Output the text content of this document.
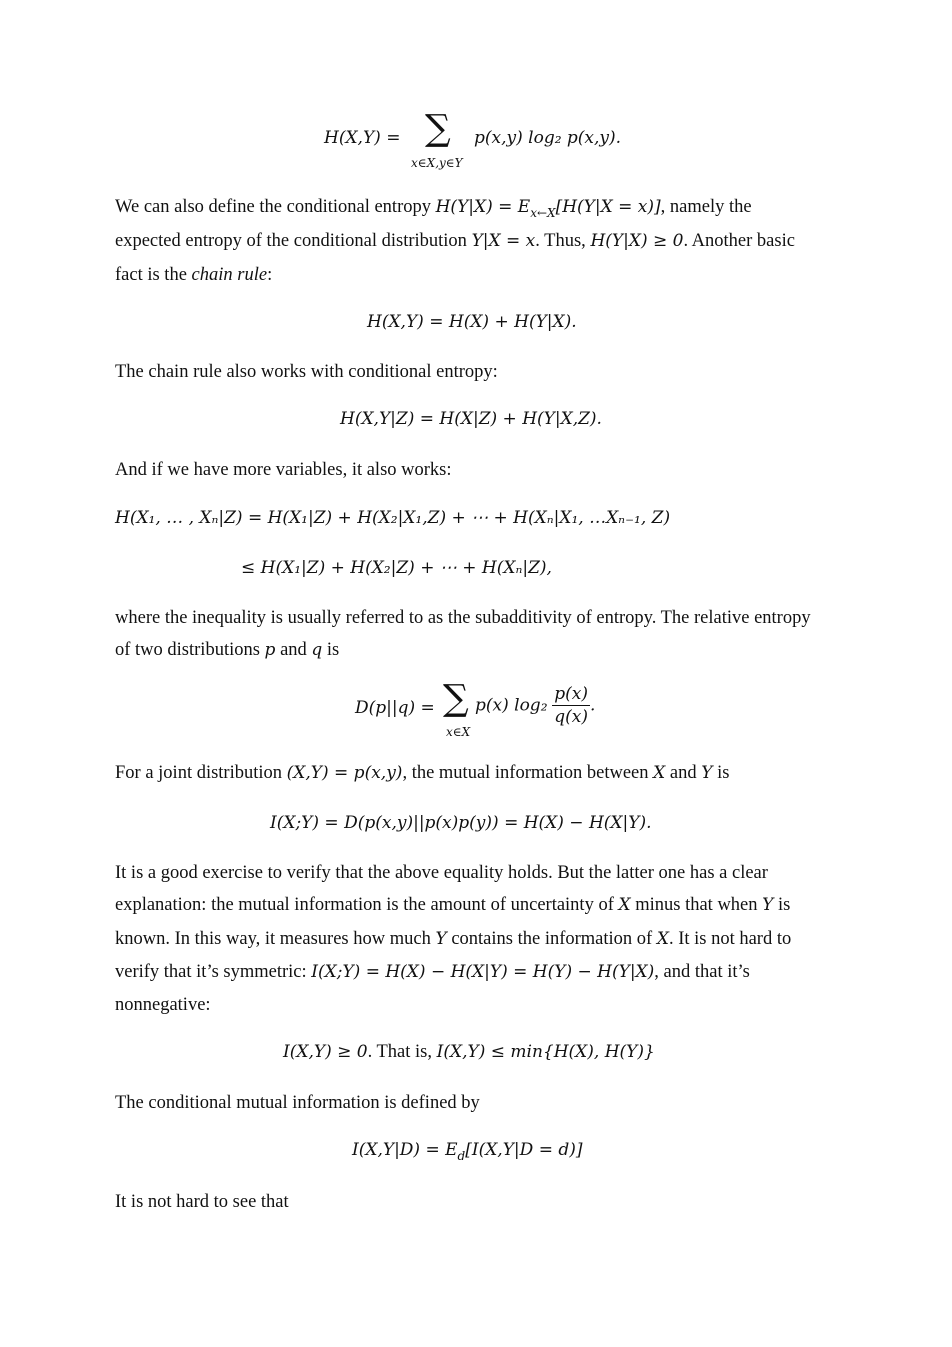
H(X,Y) = ∑
x∈X,y∈Y
p(x,y) log₂ p(x,y).
We can also define the conditional entropy $H(Y|X) = E_{x\leftarrow X}[H(Y|X = x)]$, namely the
expected entropy of the conditional distribution Y|X = x. Thus, H(Y|X) ≥ 0. Another basic
fact is the chain rule:
H(X,Y) = H(X) + H(Y|X).
The chain rule also works with conditional entropy:
H(X,Y|Z) = H(X|Z) + H(Y|X,Z).
And if we have more variables, it also works:
H(X₁, … , Xₙ|Z) = H(X₁|Z) + H(X₂|X₁,Z) + ⋯ + H(Xₙ|X₁, …Xₙ₋₁, Z)
≤ H(X₁|Z) + H(X₂|Z) + ⋯ + H(Xₙ|Z),
where the inequality is usually referred to as the subadditivity of entropy. The relative entropy
of two distributions p and q is
D(p||q) = ∑
x∈X
p(x) $\log_2 \frac{p(x)}{q(x)}$ .
For a joint distribution (X,Y) = p(x,y), the mutual information between X and Y is
I(X;Y) = D(p(x,y)||p(x)p(y)) = H(X) − H(X|Y).
It is a good exercise to verify that the above equality holds. But the latter one has a clear
explanation: the mutual information is the amount of uncertainty of X minus that when Y is
known. In this way, it measures how much Y contains the information of X. It is not hard to
verify that it’s symmetric: I(X;Y) = H(X) − H(X|Y) = H(Y) − H(Y|X), and that it’s
nonnegative:
I(X,Y) ≥ 0. That is, I(X,Y) ≤ min{H(X), H(Y)}
The conditional mutual information is defined by
$I(X,Y|D) = E_d[I(X,Y|D = d)]$
It is not hard to see that
